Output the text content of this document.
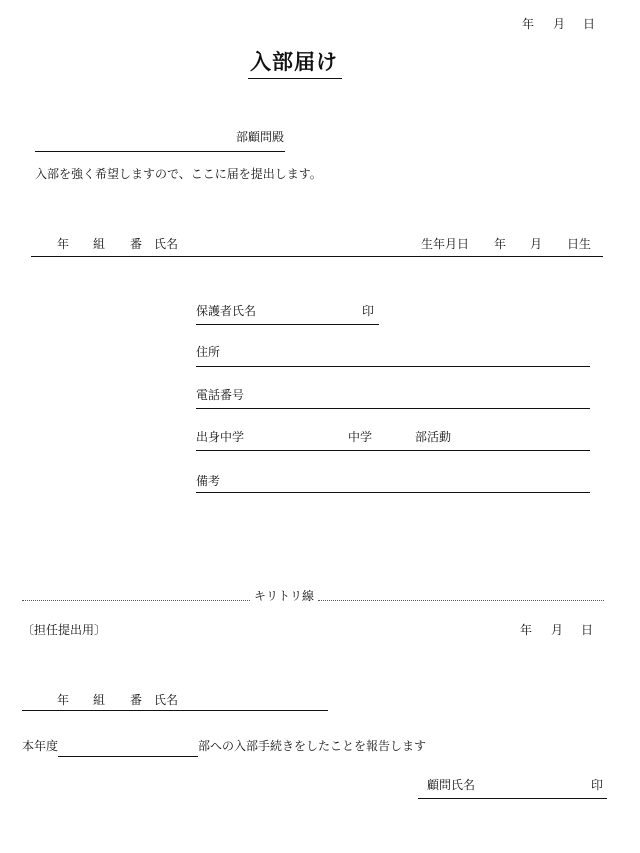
年 月 日
入部届け
部顧問殿
入部を強く希望しますので、ここに届を提出します。
年 組 番 氏名	生年月日 年 月 日生
保護者氏名	印
住所
電話番号
出身中学	中学	部活動
備考
キリトリ線
〔担任提出用〕	年 月 日
年 組 番 氏名
本年度	部への入部手続きをしたことを報告します
顧問氏名	印
